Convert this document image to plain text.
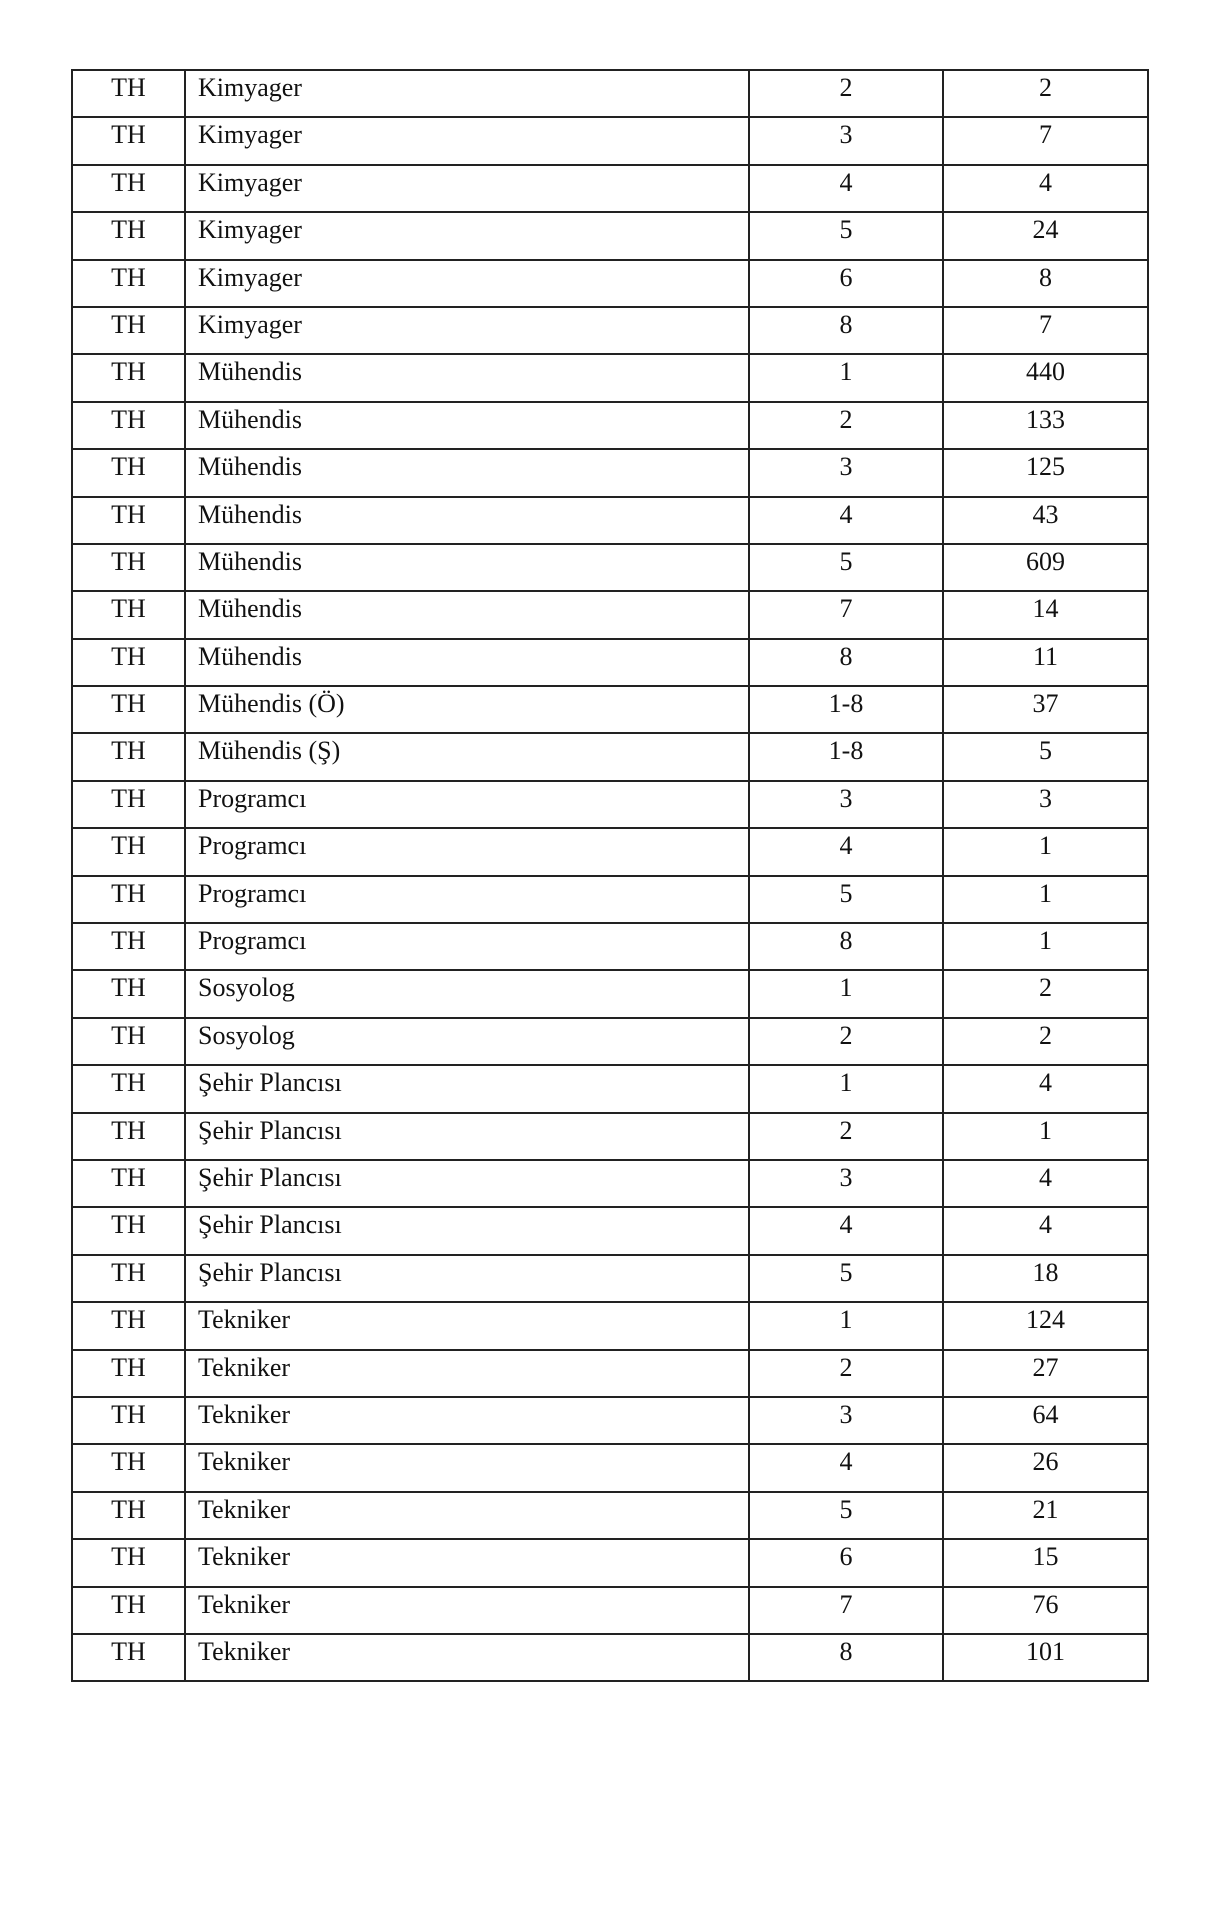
TH	Kimyager	2	2
TH	Kimyager	3	7
TH	Kimyager	4	4
TH	Kimyager	5	24
TH	Kimyager	6	8
TH	Kimyager	8	7
TH	Mühendis	1	440
TH	Mühendis	2	133
TH	Mühendis	3	125
TH	Mühendis	4	43
TH	Mühendis	5	609
TH	Mühendis	7	14
TH	Mühendis	8	11
TH	Mühendis (Ö)	1-8	37
TH	Mühendis (Ş)	1-8	5
TH	Programcı	3	3
TH	Programcı	4	1
TH	Programcı	5	1
TH	Programcı	8	1
TH	Sosyolog	1	2
TH	Sosyolog	2	2
TH	Şehir Plancısı	1	4
TH	Şehir Plancısı	2	1
TH	Şehir Plancısı	3	4
TH	Şehir Plancısı	4	4
TH	Şehir Plancısı	5	18
TH	Tekniker	1	124
TH	Tekniker	2	27
TH	Tekniker	3	64
TH	Tekniker	4	26
TH	Tekniker	5	21
TH	Tekniker	6	15
TH	Tekniker	7	76
TH	Tekniker	8	101
